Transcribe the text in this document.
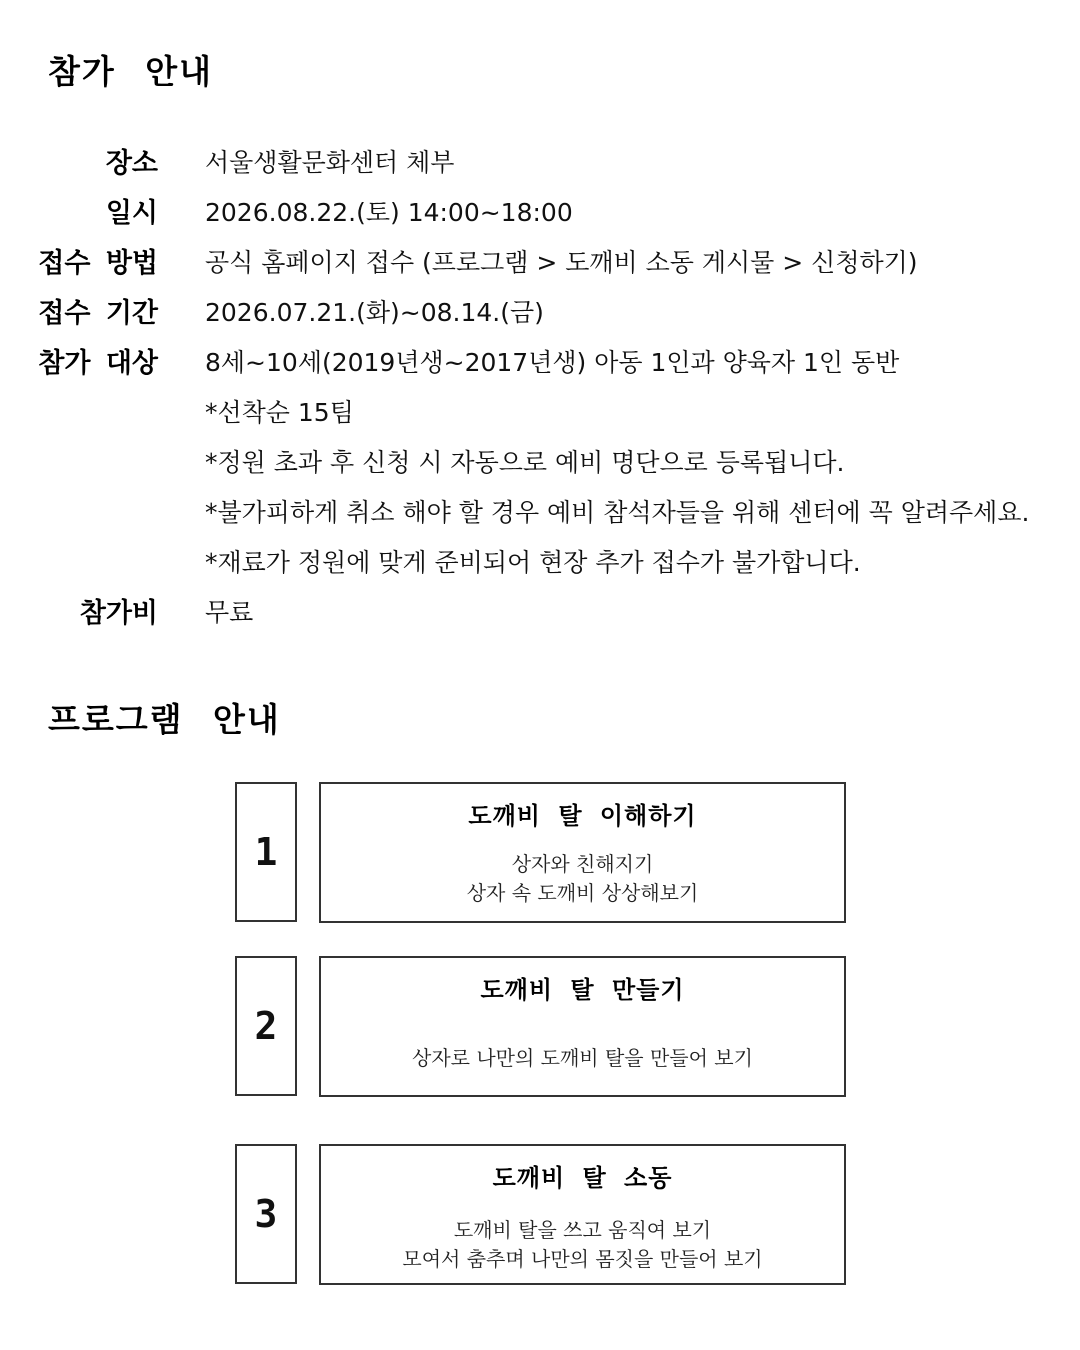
참가 안내
장소 서울생활문화센터 체부
일시 2026.08.22.(토) 14:00~18:00
접수 방법 공식 홈페이지 접수 (프로그램 > 도깨비 소동 게시물 > 신청하기)
접수 기간 2026.07.21.(화)~08.14.(금)
참가 대상 8세~10세(2019년생~2017년생) 아동 1인과 양육자 1인 동반
*선착순 15팀
*정원 초과 후 신청 시 자동으로 예비 명단으로 등록됩니다.
*불가피하게 취소 해야 할 경우 예비 참석자들을 위해 센터에 꼭 알려주세요.
*재료가 정원에 맞게 준비되어 현장 추가 접수가 불가합니다.
참가비 무료
프로그램 안내
1
도깨비 탈 이해하기
상자와 친해지기
상자 속 도깨비 상상해보기
2
도깨비 탈 만들기
상자로 나만의 도깨비 탈을 만들어 보기
3
도깨비 탈 소동
도깨비 탈을 쓰고 움직여 보기
모여서 춤추며 나만의 몸짓을 만들어 보기
